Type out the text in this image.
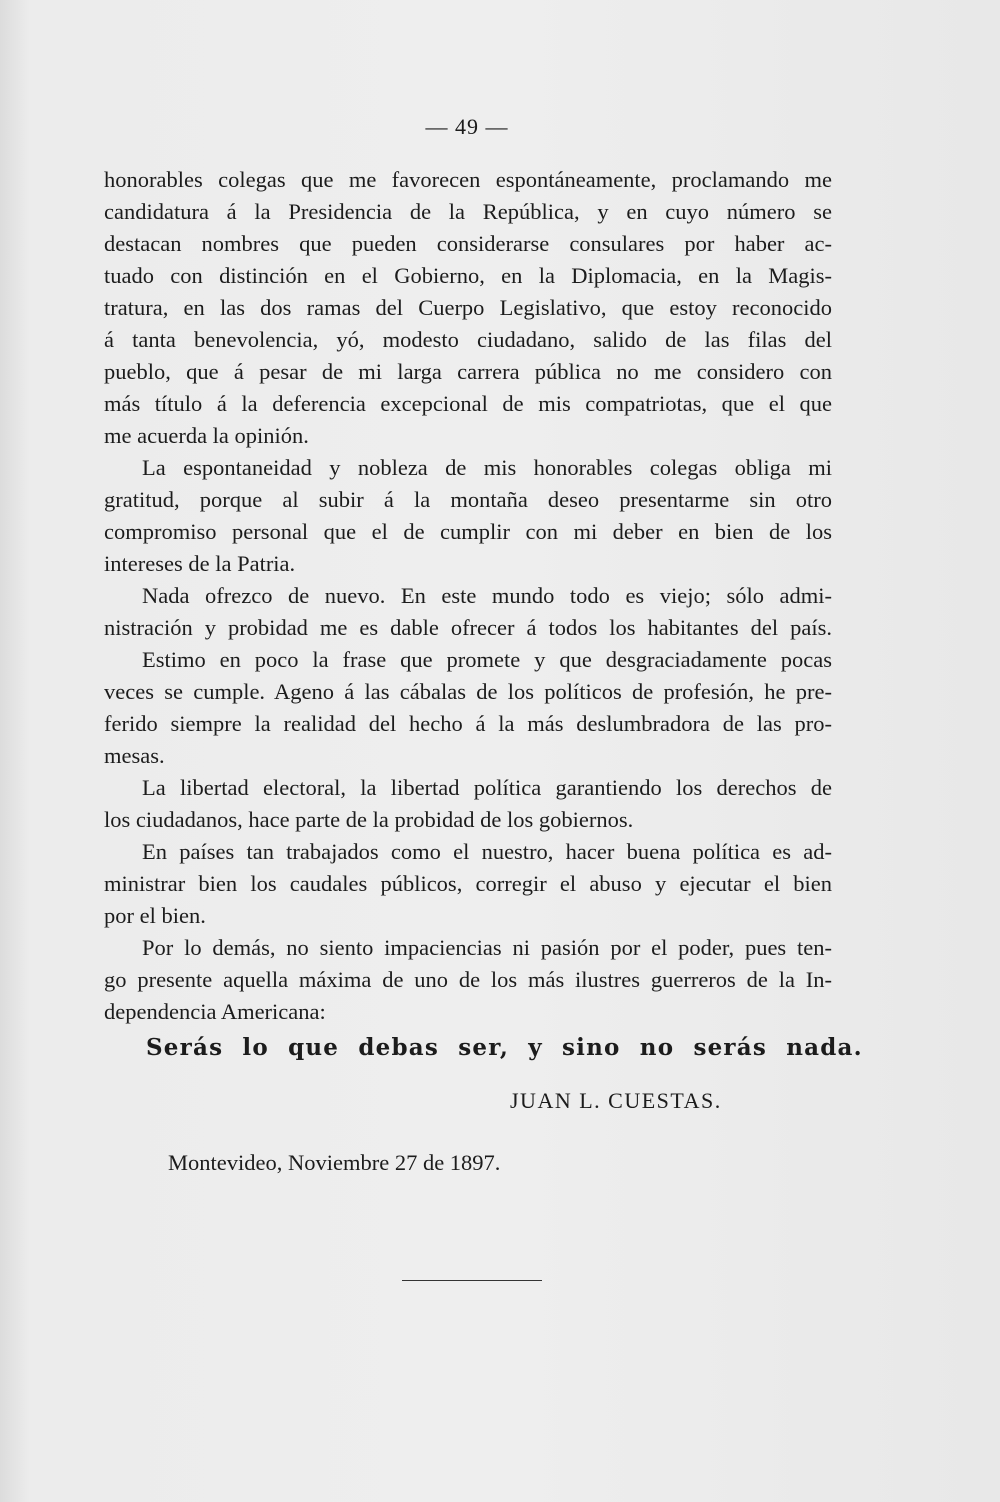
— 49 —
honorables colegas que me favorecen espontáneamente, proclamando me
candidatura á la Presidencia de la República, y en cuyo número se
destacan nombres que pueden considerarse consulares por haber ac-
tuado con distinción en el Gobierno, en la Diplomacia, en la Magis-
tratura, en las dos ramas del Cuerpo Legislativo, que estoy reconocido
á tanta benevolencia, yó, modesto ciudadano, salido de las filas del
pueblo, que á pesar de mi larga carrera pública no me considero con
más título á la deferencia excepcional de mis compatriotas, que el que
me acuerda la opinión.
La espontaneidad y nobleza de mis honorables colegas obliga mi
gratitud, porque al subir á la montaña deseo presentarme sin otro
compromiso personal que el de cumplir con mi deber en bien de los
intereses de la Patria.
Nada ofrezco de nuevo. En este mundo todo es viejo; sólo admi-
nistración y probidad me es dable ofrecer á todos los habitantes del país.
Estimo en poco la frase que promete y que desgraciadamente pocas
veces se cumple. Ageno á las cábalas de los políticos de profesión, he pre-
ferido siempre la realidad del hecho á la más deslumbradora de las pro-
mesas.
La libertad electoral, la libertad política garantiendo los derechos de
los ciudadanos, hace parte de la probidad de los gobiernos.
En países tan trabajados como el nuestro, hacer buena política es ad-
ministrar bien los caudales públicos, corregir el abuso y ejecutar el bien
por el bien.
Por lo demás, no siento impaciencias ni pasión por el poder, pues ten-
go presente aquella máxima de uno de los más ilustres guerreros de la In-
dependencia Americana:
Serás lo que debas ser, y sino no serás nada.
JUAN L. CUESTAS.
Montevideo, Noviembre 27 de 1897.
